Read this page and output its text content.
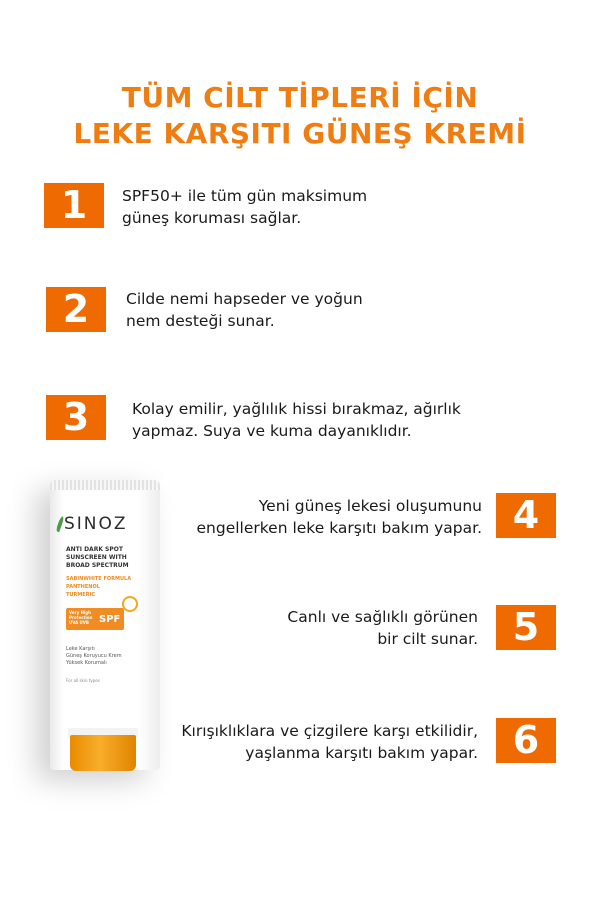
TÜM CİLT TİPLERİ İÇİN
LEKE KARŞITI GÜNEŞ KREMİ
1	SPF50+ ile tüm gün maksimum
güneş koruması sağlar.
2	Cilde nemi hapseder ve yoğun
nem desteği sunar.
3	Kolay emilir, yağlılık hissi bırakmaz, ağırlık
yapmaz. Suya ve kuma dayanıklıdır.
Yeni güneş lekesi oluşumunu
engellerken leke karşıtı bakım yapar. 4
Canlı ve sağlıklı görünen
bir cilt sunar. 5
Kırışıklıklara ve çizgilere karşı etkilidir,
yaşlanma karşıtı bakım yapar. 6
SINOZ
ANTI DARK SPOT
SUNSCREEN WITH
BROAD SPECTRUM
SABINWHITE FORMULA
PANTHENOL
TURMERIC
Very High
Protection
UVA UVB	SPF 50+
Leke Karşıtı
Güneş Koruyucu Krem
Yüksek Korumalı
For all skin types
